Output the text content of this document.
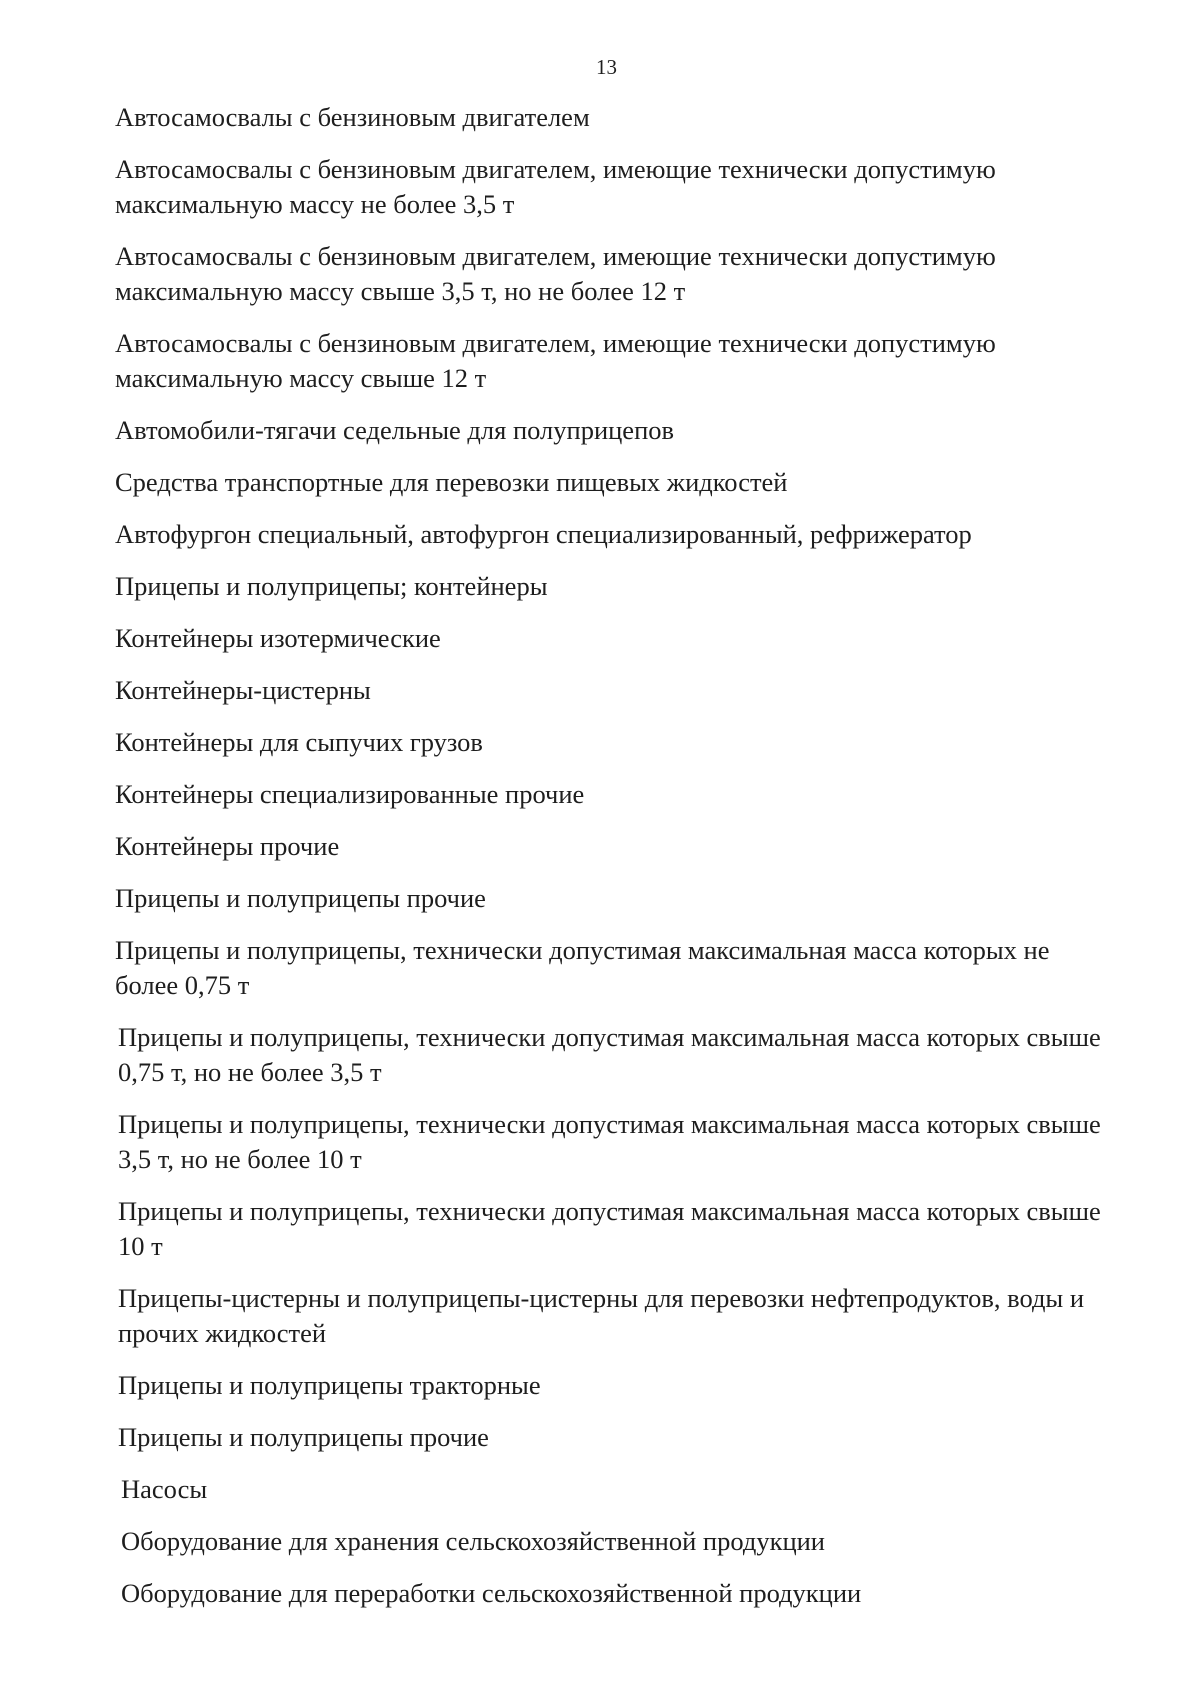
13
Автосамосвалы с бензиновым двигателем
Автосамосвалы с бензиновым двигателем, имеющие технически допустимую максимальную массу не более 3,5 т
Автосамосвалы с бензиновым двигателем, имеющие технически допустимую максимальную массу свыше 3,5 т, но не более 12 т
Автосамосвалы с бензиновым двигателем, имеющие технически допустимую максимальную массу свыше 12 т
Автомобили-тягачи седельные для полуприцепов
Средства транспортные для перевозки пищевых жидкостей
Автофургон специальный, автофургон специализированный, рефрижератор
Прицепы и полуприцепы; контейнеры
Контейнеры изотермические
Контейнеры-цистерны
Контейнеры для сыпучих грузов
Контейнеры специализированные прочие
Контейнеры прочие
Прицепы и полуприцепы прочие
Прицепы и полуприцепы, технически допустимая максимальная масса которых не более 0,75 т
Прицепы и полуприцепы, технически допустимая максимальная масса которых свыше 0,75 т, но не более 3,5 т
Прицепы и полуприцепы, технически допустимая максимальная масса которых свыше 3,5 т, но не более 10 т
Прицепы и полуприцепы, технически допустимая максимальная масса которых свыше 10 т
Прицепы-цистерны и полуприцепы-цистерны для перевозки нефтепродуктов, воды и прочих жидкостей
Прицепы и полуприцепы тракторные
Прицепы и полуприцепы прочие
Насосы
Оборудование для хранения сельскохозяйственной продукции
Оборудование для переработки сельскохозяйственной продукции
